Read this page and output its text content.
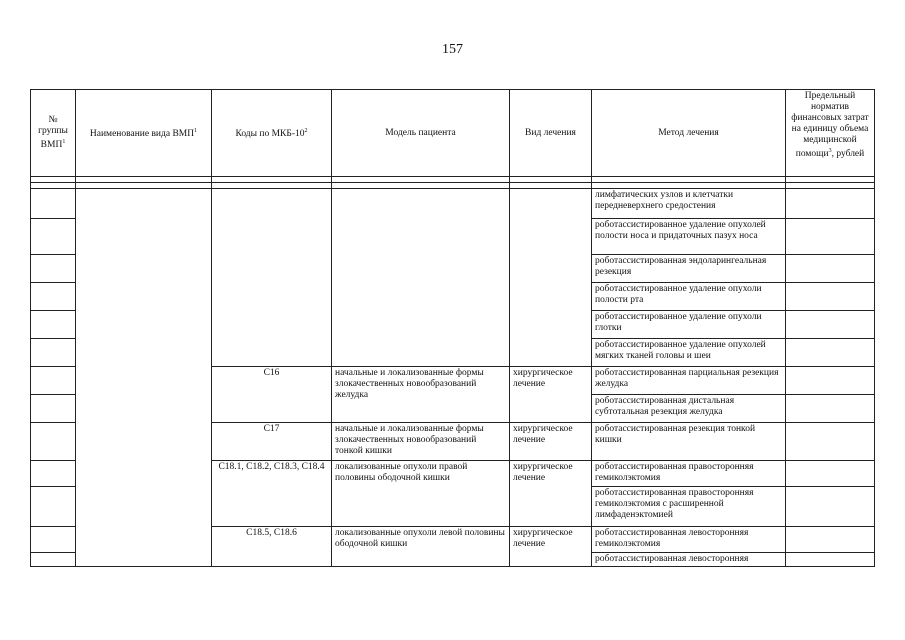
157
№
группы
ВМП$^1$	Наименование вида ВМП$^1$	Коды по МКБ-$10^2$	Модель пациента	Вид лечения	Метод лечения	Предельный норматив финансовых затрат на единицу объема медицинской помощи$^3$, рублей

					лимфатических узлов и клетчатки передневерхнего средостения	
					роботассистированное удаление опухолей полости носа и придаточных пазух носа	
					роботассистированная эндоларингеальная резекция	
					роботассистированное удаление опухоли полости рта	
					роботассистированное удаление опухоли глотки	
					роботассистированное удаление опухолей мягких тканей головы и шеи	
		C16	начальные и локализованные формы злокачественных новообразований желудка	хирургическое лечение	роботассистированная парциальная резекция желудка	
					роботассистированная дистальная субтотальная резекция желудка	
		C17	начальные и локализованные формы злокачественных новообразований тонкой кишки	хирургическое лечение	роботассистированная резекция тонкой кишки	
		C18.1, C18.2, C18.3, C18.4	локализованные опухоли правой половины ободочной кишки	хирургическое лечение	роботассистированная правосторонняя гемиколэктомия	
					роботассистированная правосторонняя гемиколэктомия с расширенной лимфаденэктомией	
		C18.5, C18.6	локализованные опухоли левой половины ободочной кишки	хирургическое лечение	роботассистированная левосторонняя гемиколэктомия	
					роботассистированная левосторонняя	
